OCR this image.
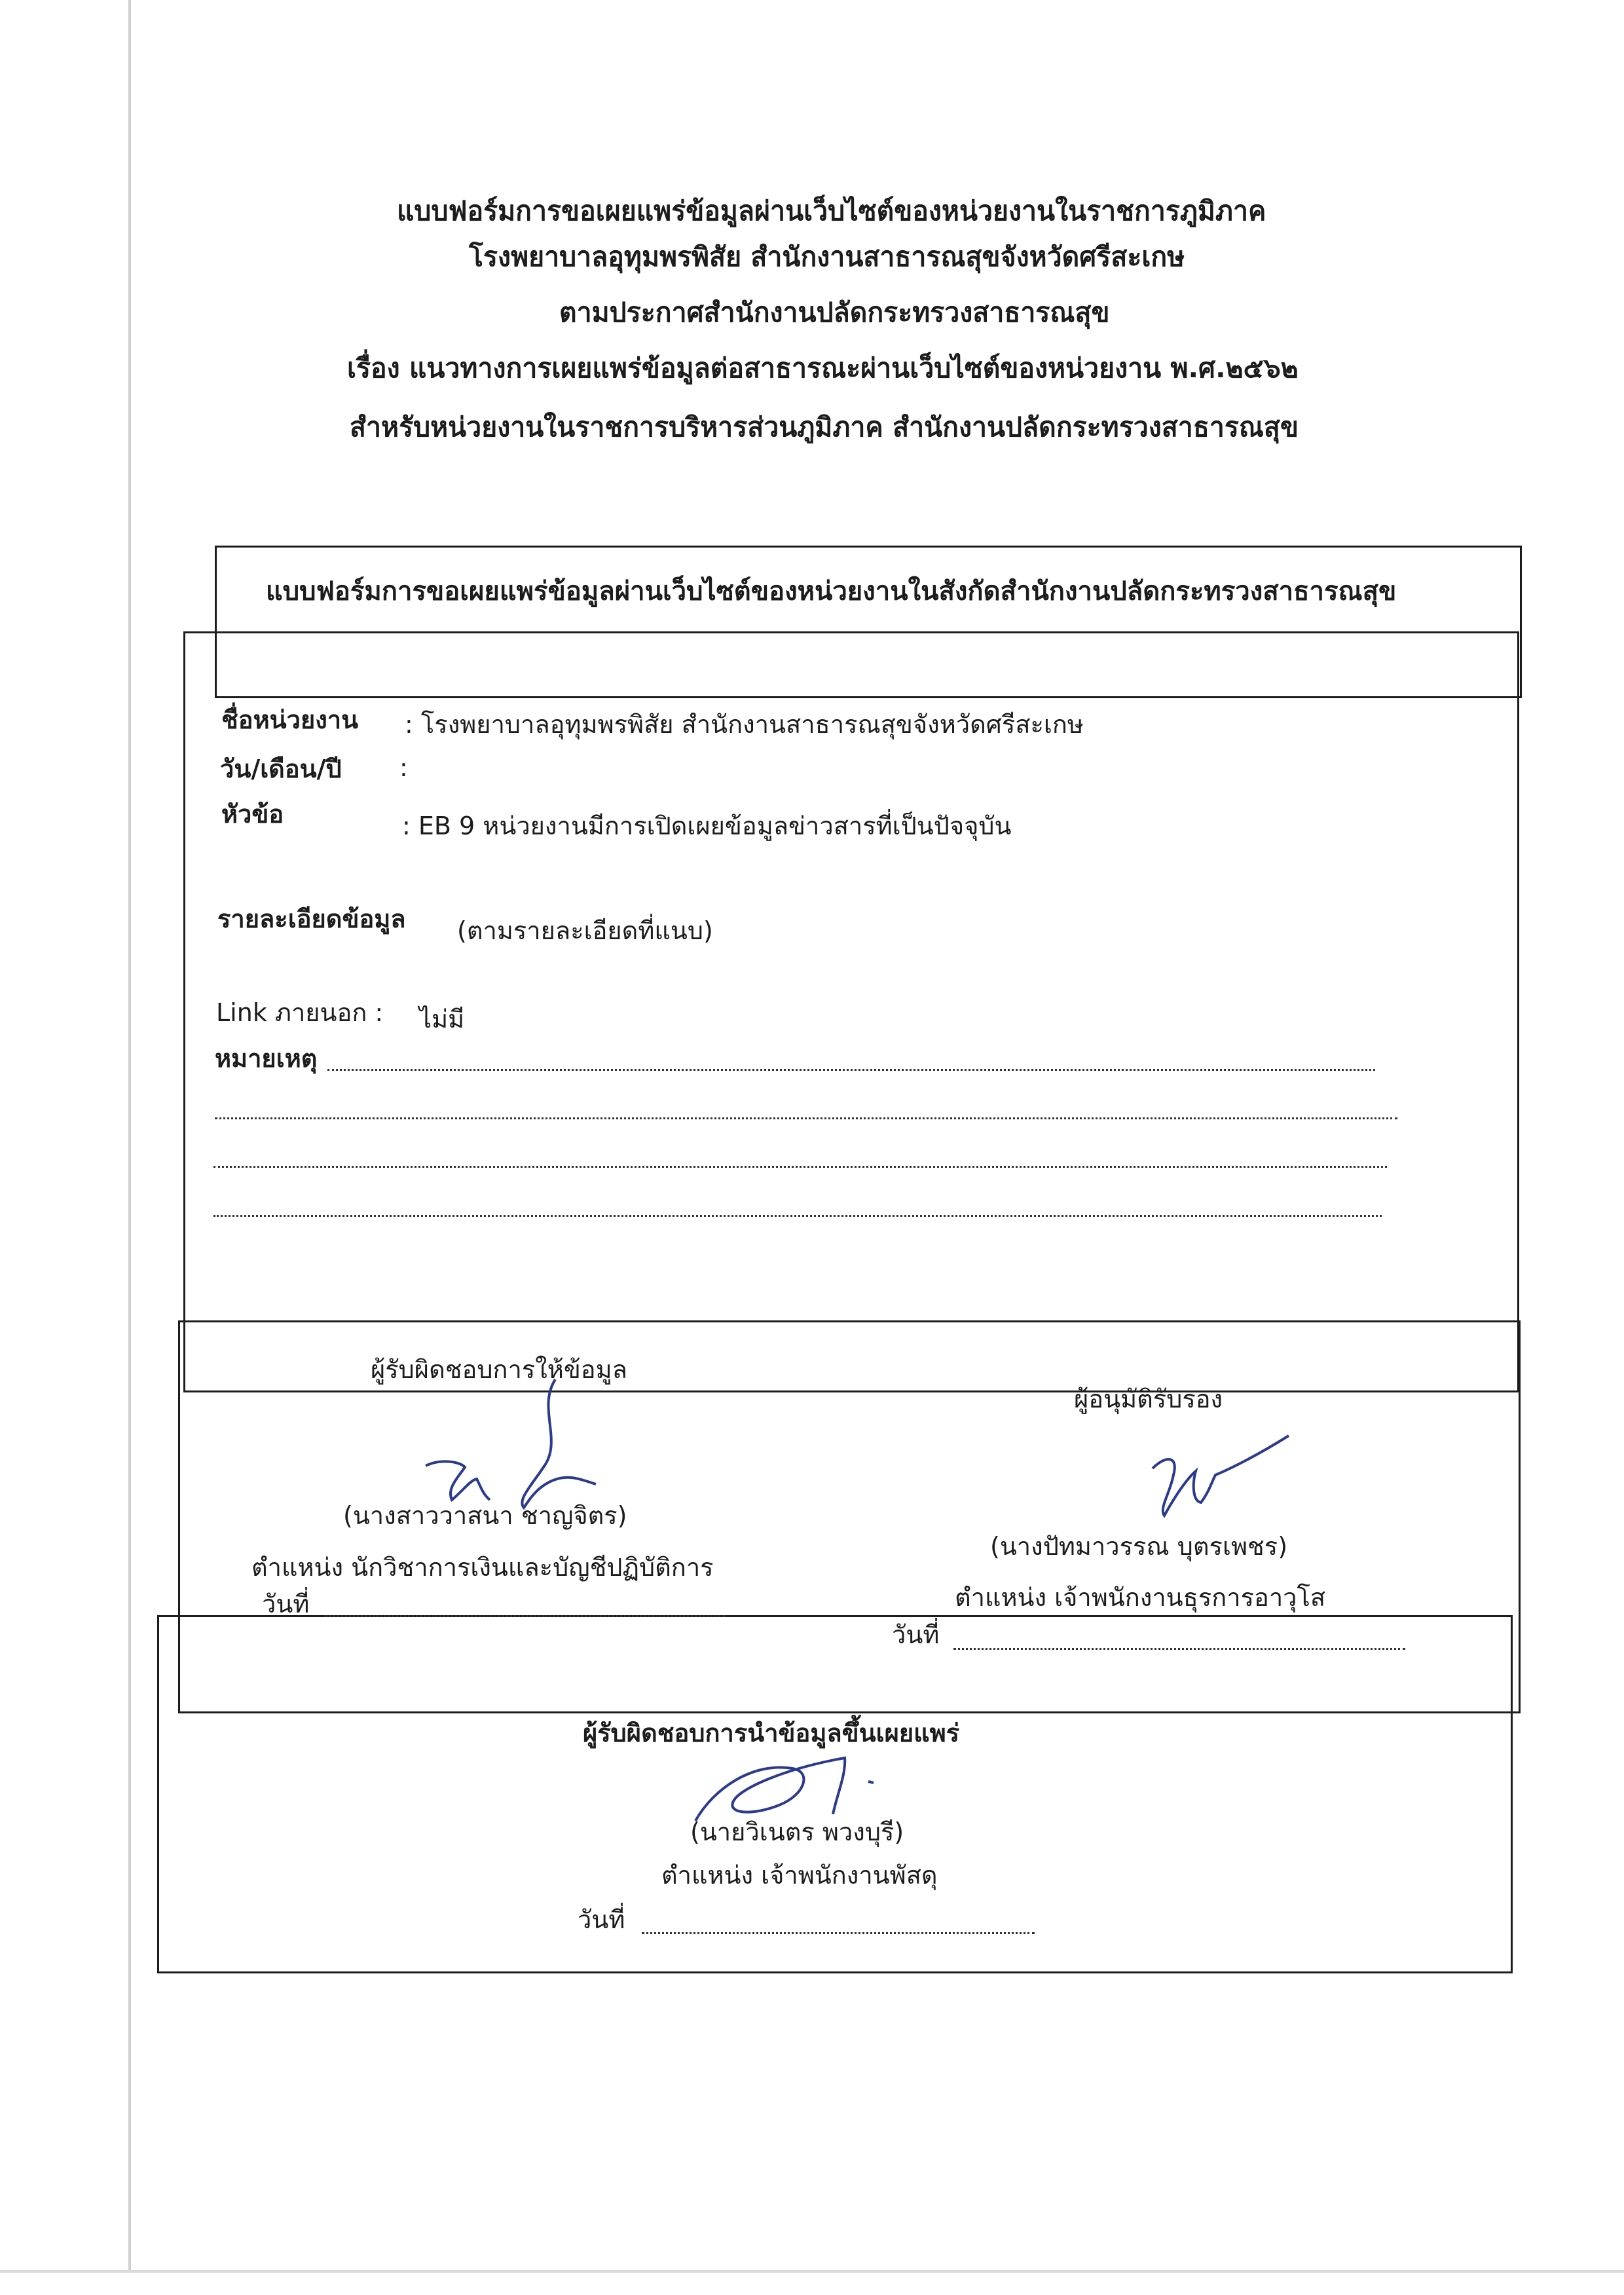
แบบฟอร์มการขอเผยแพร่ข้อมูลผ่านเว็บไซต์ของหน่วยงานในราชการภูมิภาค
โรงพยาบาลอุทุมพรพิสัย สำนักงานสาธารณสุขจังหวัดศรีสะเกษ
ตามประกาศสำนักงานปลัดกระทรวงสาธารณสุข
เรื่อง แนวทางการเผยแพร่ข้อมูลต่อสาธารณะผ่านเว็บไซต์ของหน่วยงาน พ.ศ.๒๕๖๒
สำหรับหน่วยงานในราชการบริหารส่วนภูมิภาค สำนักงานปลัดกระทรวงสาธารณสุข
แบบฟอร์มการขอเผยแพร่ข้อมูลผ่านเว็บไซต์ของหน่วยงานในสังกัดสำนักงานปลัดกระทรวงสาธารณสุข
ชื่อหน่วยงาน : โรงพยาบาลอุทุมพรพิสัย สำนักงานสาธารณสุขจังหวัดศรีสะเกษ
วัน/เดือน/ปี :
หัวข้อ	: EB 9 หน่วยงานมีการเปิดเผยข้อมูลข่าวสารที่เป็นปัจจุบัน
รายละเอียดข้อมูล (ตามรายละเอียดที่แนบ)
Link ภายนอก : ไม่มี
หมายเหตุ
ผู้รับผิดชอบการให้ข้อมูล
(นางสาววาสนา ชาญจิตร)
ตำแหน่ง นักวิชาการเงินและบัญชีปฏิบัติการ
วันที่
ผู้อนุมัติรับรอง
(นางปัทมาวรรณ บุตรเพชร)
ตำแหน่ง เจ้าพนักงานธุรการอาวุโส
วันที่
ผู้รับผิดชอบการนำข้อมูลขึ้นเผยแพร่
(นายวิเนตร พวงบุรี)
ตำแหน่ง เจ้าพนักงานพัสดุ
วันที่
